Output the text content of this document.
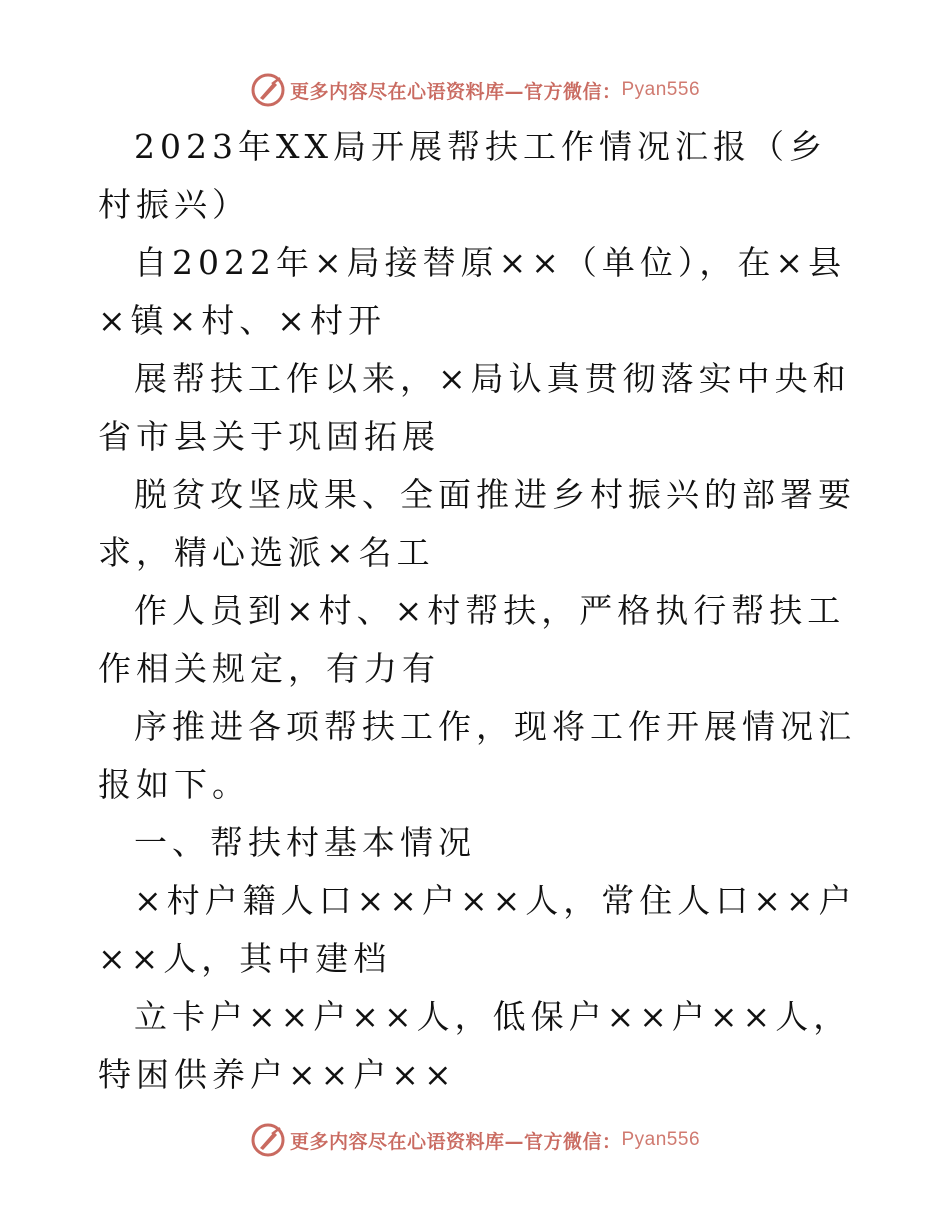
更多内容尽在心语资料库—官方微信： Pyan556

2023年XX局开展帮扶工作情况汇报（乡村振兴）

自2022年×局接替原××（单位），在×县×镇×村、×村开

展帮扶工作以来，×局认真贯彻落实中央和省市县关于巩固拓展

脱贫攻坚成果、全面推进乡村振兴的部署要求，精心选派×名工

作人员到×村、×村帮扶，严格执行帮扶工作相关规定，有力有

序推进各项帮扶工作，现将工作开展情况汇报如下。

一、帮扶村基本情况

×村户籍人口××户××人，常住人口××户××人，其中建档

立卡户××户××人，低保户××户××人，特困供养户××户××

更多内容尽在心语资料库—官方微信： Pyan556
